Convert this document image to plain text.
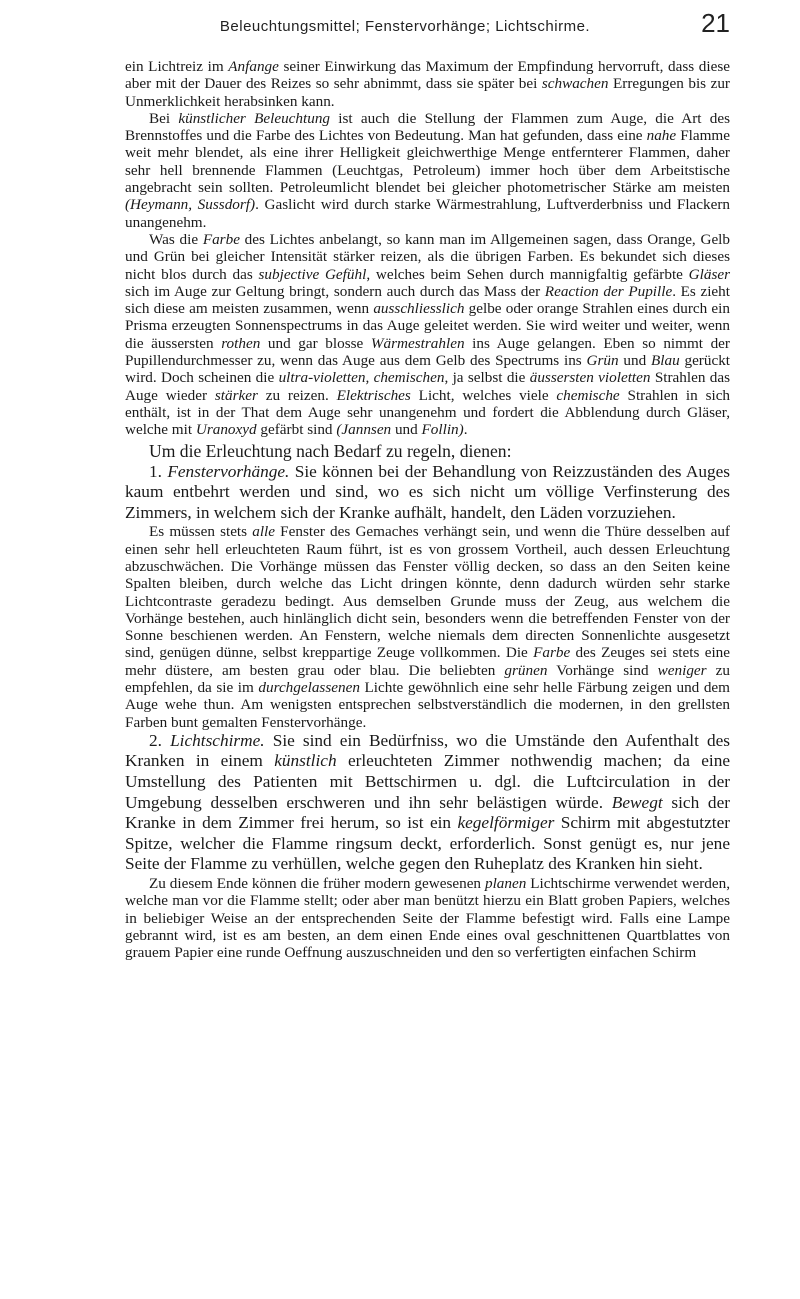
Beleuchtungsmittel; Fenstervorhänge; Lichtschirme.	21

ein Lichtreiz im Anfange seiner Einwirkung das Maximum der Empfindung hervorruft, dass diese aber mit der Dauer des Reizes so sehr abnimmt, dass sie später bei schwachen Erregungen bis zur Unmerklichkeit herabsinken kann.

Bei künstlicher Beleuchtung ist auch die Stellung der Flammen zum Auge, die Art des Brennstoffes und die Farbe des Lichtes von Bedeutung. Man hat gefunden, dass eine nahe Flamme weit mehr blendet, als eine ihrer Helligkeit gleichwerthige Menge entfernterer Flammen, daher sehr hell brennende Flammen (Leuchtgas, Petroleum) immer hoch über dem Arbeitstische angebracht sein sollten. Petroleumlicht blendet bei gleicher photometrischer Stärke am meisten (Heymann, Sussdorf). Gaslicht wird durch starke Wärmestrahlung, Luftverderbniss und Flackern unangenehm.

Was die Farbe des Lichtes anbelangt, so kann man im Allgemeinen sagen, dass Orange, Gelb und Grün bei gleicher Intensität stärker reizen, als die übrigen Farben. Es bekundet sich dieses nicht blos durch das subjective Gefühl, welches beim Sehen durch mannigfaltig gefärbte Gläser sich im Auge zur Geltung bringt, sondern auch durch das Mass der Reaction der Pupille. Es zieht sich diese am meisten zusammen, wenn ausschliesslich gelbe oder orange Strahlen eines durch ein Prisma erzeugten Sonnenspectrums in das Auge geleitet werden. Sie wird weiter und weiter, wenn die äussersten rothen und gar blosse Wärmestrahlen ins Auge gelangen. Eben so nimmt der Pupillendurchmesser zu, wenn das Auge aus dem Gelb des Spectrums ins Grün und Blau gerückt wird. Doch scheinen die ultra-violetten, chemischen, ja selbst die äussersten violetten Strahlen das Auge wieder stärker zu reizen. Elektrisches Licht, welches viele chemische Strahlen in sich enthält, ist in der That dem Auge sehr unangenehm und fordert die Abblendung durch Gläser, welche mit Uranoxyd gefärbt sind (Jannsen und Follin).

Um die Erleuchtung nach Bedarf zu regeln, dienen:

1. Fenstervorhänge. Sie können bei der Behandlung von Reizzuständen des Auges kaum entbehrt werden und sind, wo es sich nicht um völlige Verfinsterung des Zimmers, in welchem sich der Kranke aufhält, handelt, den Läden vorzuziehen.

Es müssen stets alle Fenster des Gemaches verhängt sein, und wenn die Thüre desselben auf einen sehr hell erleuchteten Raum führt, ist es von grossem Vortheil, auch dessen Erleuchtung abzuschwächen. Die Vorhänge müssen das Fenster völlig decken, so dass an den Seiten keine Spalten bleiben, durch welche das Licht dringen könnte, denn dadurch würden sehr starke Lichtcontraste geradezu bedingt. Aus demselben Grunde muss der Zeug, aus welchem die Vorhänge bestehen, auch hinlänglich dicht sein, besonders wenn die betreffenden Fenster von der Sonne beschienen werden. An Fenstern, welche niemals dem directen Sonnenlichte ausgesetzt sind, genügen dünne, selbst kreppartige Zeuge vollkommen. Die Farbe des Zeuges sei stets eine mehr düstere, am besten grau oder blau. Die beliebten grünen Vorhänge sind weniger zu empfehlen, da sie im durchgelassenen Lichte gewöhnlich eine sehr helle Färbung zeigen und dem Auge wehe thun. Am wenigsten entsprechen selbstverständlich die modernen, in den grellsten Farben bunt gemalten Fenstervorhänge.

2. Lichtschirme. Sie sind ein Bedürfniss, wo die Umstände den Aufenthalt des Kranken in einem künstlich erleuchteten Zimmer nothwendig machen; da eine Umstellung des Patienten mit Bettschirmen u. dgl. die Luftcirculation in der Umgebung desselben erschweren und ihn sehr belästigen würde. Bewegt sich der Kranke in dem Zimmer frei herum, so ist ein kegelförmiger Schirm mit abgestutzter Spitze, welcher die Flamme ringsum deckt, erforderlich. Sonst genügt es, nur jene Seite der Flamme zu verhüllen, welche gegen den Ruheplatz des Kranken hin sieht.

Zu diesem Ende können die früher modern gewesenen planen Lichtschirme verwendet werden, welche man vor die Flamme stellt; oder aber man benützt hierzu ein Blatt groben Papiers, welches in beliebiger Weise an der entsprechenden Seite der Flamme befestigt wird. Falls eine Lampe gebrannt wird, ist es am besten, an dem einen Ende eines oval geschnittenen Quartblattes von grauem Papier eine runde Oeffnung auszuschneiden und den so verfertigten einfachen Schirm
